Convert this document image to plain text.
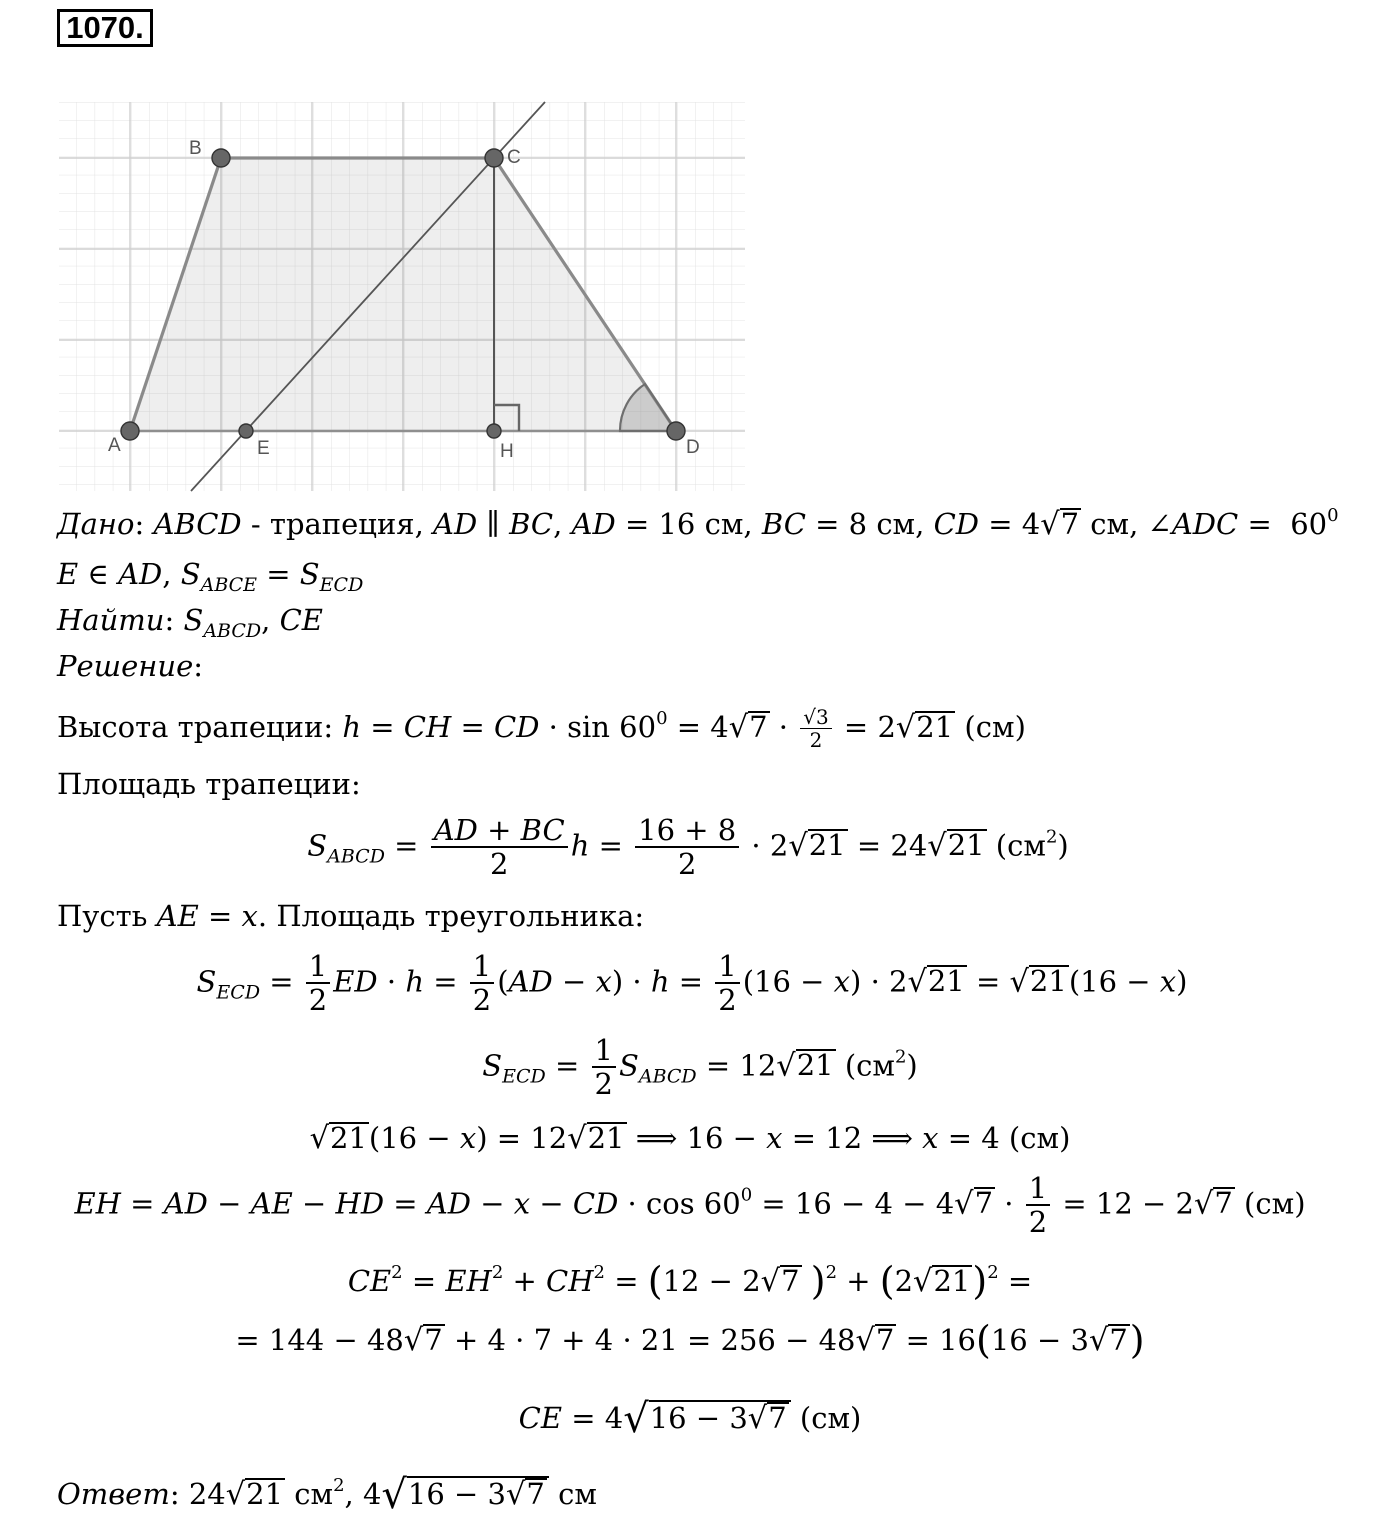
1070.
A
B	C
D
E	H
Дано: ABCD - трапеция, AD ∥ BC, AD = 16 см, BC = 8 см, CD = 4√7 см, ∠ADC =  $60^0$
E ∈ AD, $S_{ABCE} = S_{ECD}$
Найти: $S_{ABCD}$, CE
Решение:
Высота трапеции: h = CH = CD · $\sin 60^0 = 4√7 \cdot \frac{√3}{2} = 2√21$ (см)
Площадь трапеции:
$S_{ABCD} = \frac{AD + BC}{2}$ $h = \frac{16 + 8}{2} \cdot 2√21 = 24√21$ $(см^2)$
Пусть AE = x. Площадь треугольника:
$S_{ECD} = \frac{1}{2}$ ED · $h = \frac{1}{2} (AD - x) \cdot h = \frac{1}{2} (16 - x) \cdot 2√21 = √21(16 - x)$
$S_{ECD} = \frac{1}{2} S_{ABCD} = 12√21$ $(см^2)$
√21(16 − x) = 12√21 ⟹ 16 − x = 12 ⟹ x = 4 (см)
EH = AD − AE − HD = AD − x − CD · $\cos 60^0 = 16 - 4 - 4√7 \cdot \frac{1}{2} = 12 - 2√7$ (см)
$CE^2 = EH^2 + CH^2 = (12 - 2√7$ )$^2 + (2√21)^2$ =
= 144 − 48√7 + 4 · 7 + 4 · 21 = 256 − 48√7 = 16(16 − 3√7)
CE = 4√16 − 3√7 (см)
Ответ: 24√21 $см^2$, 4√16 − 3√7 см
